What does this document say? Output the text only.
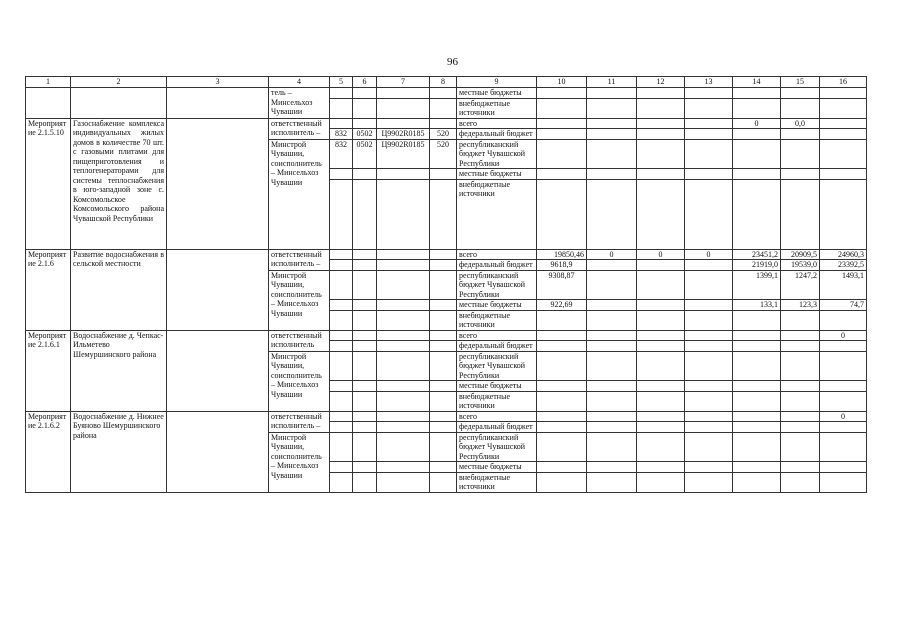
96
1	2	3	4	5	6	7	8	9	10	11	12	13	14	15	16
			тель – Минсельхоз Чувашии					местные бюджеты							
								внебюджетные источники							
Мероприятие 2.1.5.10	Газоснабжение комплекса индивидуальных жилых домов в количестве 70 шт. с газовыми плитами для пищеприготовления и теплогенераторами для системы теплоснабжения в юго-западной зоне с. Комсомольское Комсомольского района Чувашской Республики		ответственный исполнитель –					всего					0	0,0	
				832	0502	Ц9902R0185	520	федеральный бюджет							
			Минстрой Чувашии, соисполнитель – Минсельхоз Чувашии	832	0502	Ц9902R0185	520	республиканский бюджет Чувашской Республики							
								местные бюджеты							
								внебюджетные источники							
Мероприятие 2.1.6	Развитие водоснабжения в сельской местности		ответственный исполнитель –					всего	19850,46	0	0	0	23451,2	20909,5	24960,3
								федеральный бюджет	9618,9				21919,0	19539,0	23392,5
			Минстрой Чувашии, соисполнитель – Минсельхоз Чувашии					республиканский бюджет Чувашской Республики	9308,87				1399,1	1247,2	1493,1
								местные бюджеты	922,69				133,1	123,3	74,7
								внебюджетные источники							
Мероприятие 2.1.6.1	Водоснабжение д. Чепкас-Ильметево Шемуршинского района		ответственный исполнитель					всего							0
								федеральный бюджет							
			Минстрой Чувашии, соисполнитель – Минсельхоз Чувашии					республиканский бюджет Чувашской Республики							
								местные бюджеты							
								внебюджетные источники							
Мероприятие 2.1.6.2	Водоснабжение д. Нижнее Буяново Шемуршинского района		ответственный исполнитель –					всего							0
								федеральный бюджет							
			Минстрой Чувашии, соисполнитель – Минсельхоз Чувашии					республиканский бюджет Чувашской Республики							
								местные бюджеты							
								внебюджетные источники							
